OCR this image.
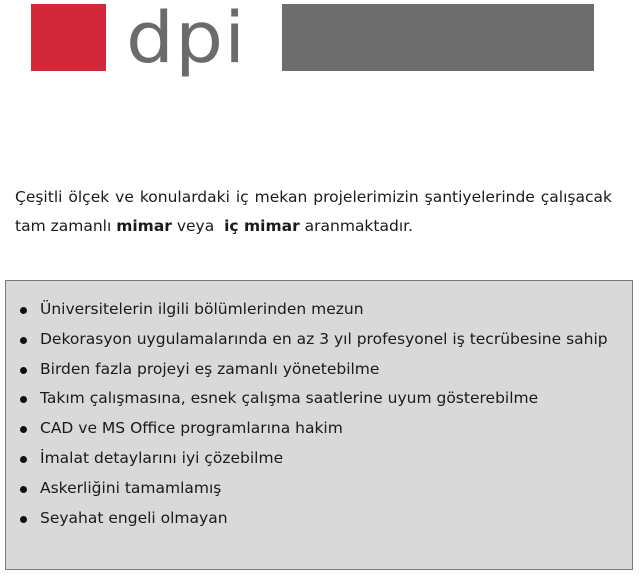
dpi

Çeşitli ölçek ve konulardaki iç mekan projelerimizin şantiyelerinde çalışacak tam zamanlı mimar veya  iç mimar aranmaktadır.

Üniversitelerin ilgili bölümlerinden mezun
Dekorasyon uygulamalarında en az 3 yıl profesyonel iş tecrübesine sahip
Birden fazla projeyi eş zamanlı yönetebilme
Takım çalışmasına, esnek çalışma saatlerine uyum gösterebilme
CAD ve MS Office programlarına hakim
İmalat detaylarını iyi çözebilme
Askerliğini tamamlamış
Seyahat engeli olmayan
